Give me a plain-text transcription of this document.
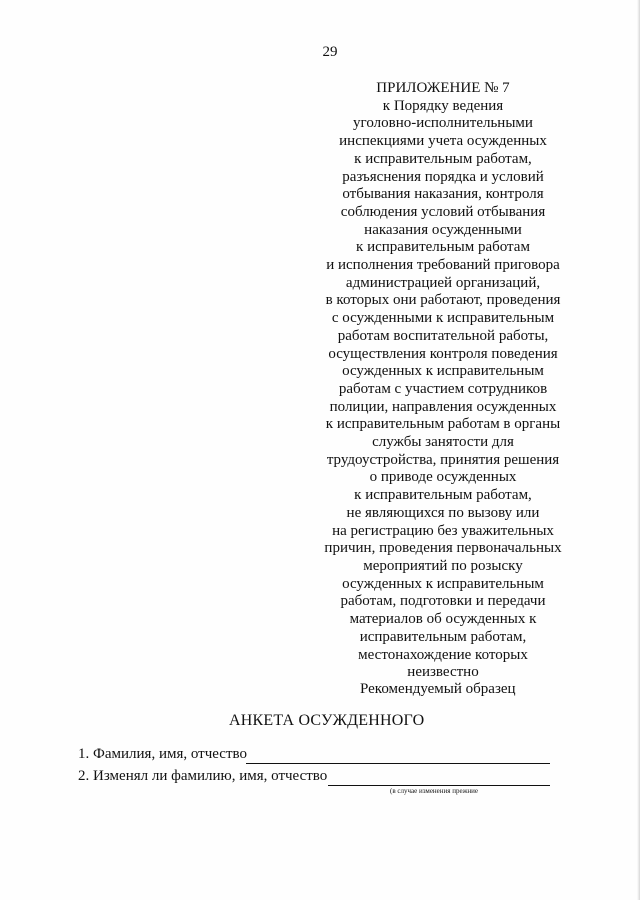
29
ПРИЛОЖЕНИЕ № 7
к Порядку ведения
уголовно-исполнительными
инспекциями учета осужденных
к исправительным работам,
разъяснения порядка и условий
отбывания наказания, контроля
соблюдения условий отбывания
наказания осужденными
к исправительным работам
и исполнения требований приговора
администрацией организаций,
в которых они работают, проведения
с осужденными к исправительным
работам воспитательной работы,
осуществления контроля поведения
осужденных к исправительным
работам с участием сотрудников
полиции, направления осужденных
к исправительным работам в органы
службы занятости для
трудоустройства, принятия решения
о приводе осужденных
к исправительным работам,
не являющихся по вызову или
на регистрацию без уважительных
причин, проведения первоначальных
мероприятий по розыску
осужденных к исправительным
работам, подготовки и передачи
материалов об осужденных к
исправительным работам,
местонахождение которых
неизвестно
Рекомендуемый образец
АНКЕТА ОСУЖДЕННОГО
1. Фамилия, имя, отчество
2. Изменял ли фамилию, имя, отчество
(в случае изменения прежние
